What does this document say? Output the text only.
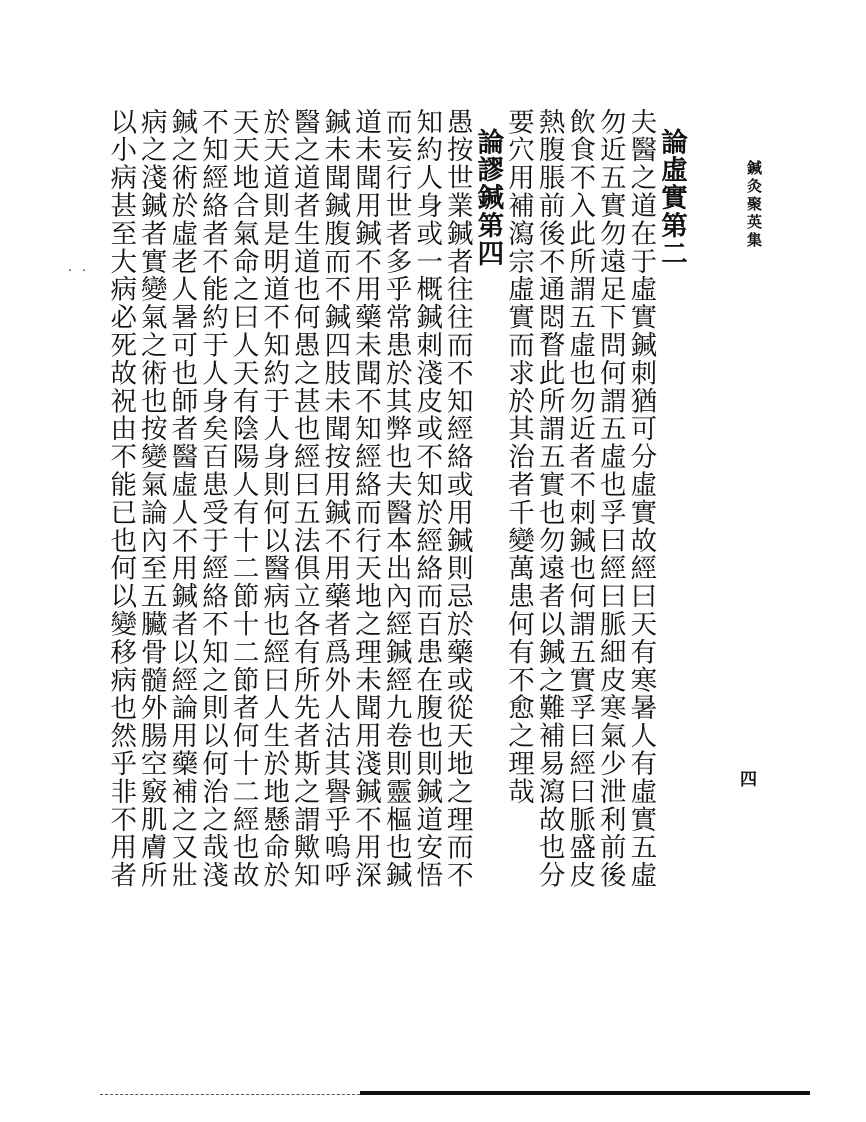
鍼灸聚英集
四
論虛實第二
夫醫之道在于虛實鍼刺猶可分虛實故經曰天有寒暑人有虛實五虛
勿近五實勿遠足下問何謂五虛也孚曰經曰脈細皮寒氣少泄利前後
飲食不入此所謂五虛也勿近者不刺鍼也何謂五實孚曰經曰脈盛皮
熱腹脹前後不通悶瞀此所謂五實也勿遠者以鍼之難補易瀉故也分
要穴用補瀉宗虛實而求於其治者千變萬患何有不愈之理哉
論謬鍼第四
愚按世業鍼者往往而不知經絡或用鍼則忌於藥或從天地之理而不
知約人身或一概鍼刺淺皮或不知於經絡而百患在腹也則鍼道安悟
而妄行世者多乎常患於其弊也夫醫本出內經鍼經九卷則靈樞也鍼
道未聞用鍼不用藥未聞不知經絡而行天地之理未聞用淺鍼不用深
鍼未聞鍼腹而不鍼四肢未聞按用鍼不用藥者爲外人沽其譽乎嗚呼
醫之道者生道也何愚之甚也經曰五法俱立各有所先者斯之謂歟知
於天道則是明道不知約于人身則何以醫病也經曰人生於地懸命於
天天地合氣命之曰人天有陰陽人有十二節十二節者何十二經也故
不知經絡者不能約于人身矣百患受于經絡不知之則以何治之哉淺
鍼之術於虛老人暑可也師者醫虛人不用鍼者以經論用藥補之又壯
病之淺鍼者實變氣之術也按變氣論內至五臟骨髓外腸空竅肌膚所
以小病甚至大病必死故祝由不能已也何以變移病也然乎非不用者
·
·
